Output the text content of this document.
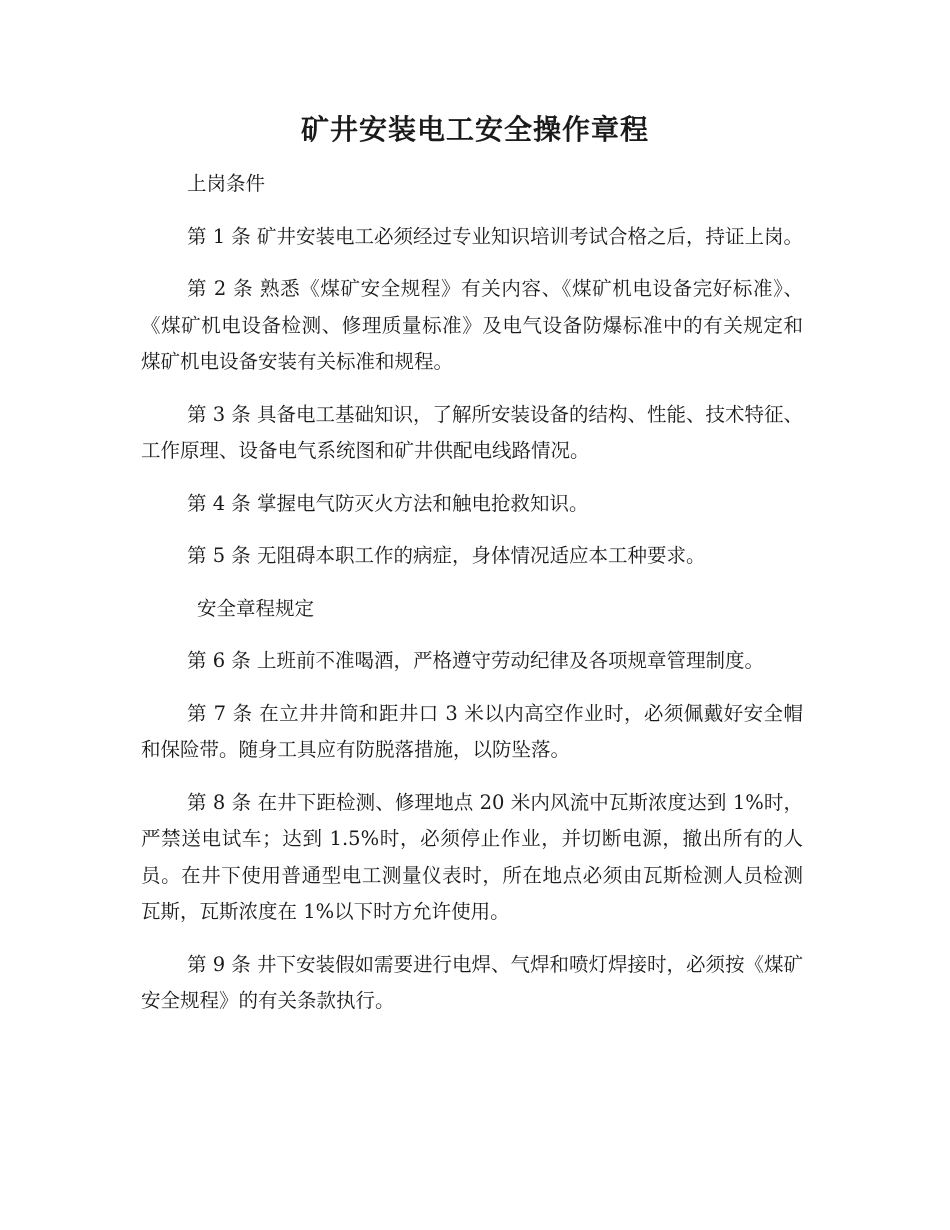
矿井安装电工安全操作章程

上岗条件

第 1 条 矿井安装电工必须经过专业知识培训考试合格之后，持证上岗。

第 2 条 熟悉《煤矿安全规程》有关内容、《煤矿机电设备完好标准》、《煤矿机电设备检测、修理质量标准》及电气设备防爆标准中的有关规定和煤矿机电设备安装有关标准和规程。

第 3 条 具备电工基础知识，了解所安装设备的结构、性能、技术特征、工作原理、设备电气系统图和矿井供配电线路情况。

第 4 条 掌握电气防灭火方法和触电抢救知识。

第 5 条 无阻碍本职工作的病症，身体情况适应本工种要求。

安全章程规定

第 6 条 上班前不准喝酒，严格遵守劳动纪律及各项规章管理制度。

第 7 条 在立井井筒和距井口 3 米以内高空作业时，必须佩戴好安全帽和保险带。随身工具应有防脱落措施，以防坠落。

第 8 条 在井下距检测、修理地点 20 米内风流中瓦斯浓度达到 1%时，严禁送电试车；达到 1.5%时，必须停止作业，并切断电源，撤出所有的人员。在井下使用普通型电工测量仪表时，所在地点必须由瓦斯检测人员检测瓦斯，瓦斯浓度在 1%以下时方允许使用。

第 9 条 井下安装假如需要进行电焊、气焊和喷灯焊接时，必须按《煤矿安全规程》的有关条款执行。
